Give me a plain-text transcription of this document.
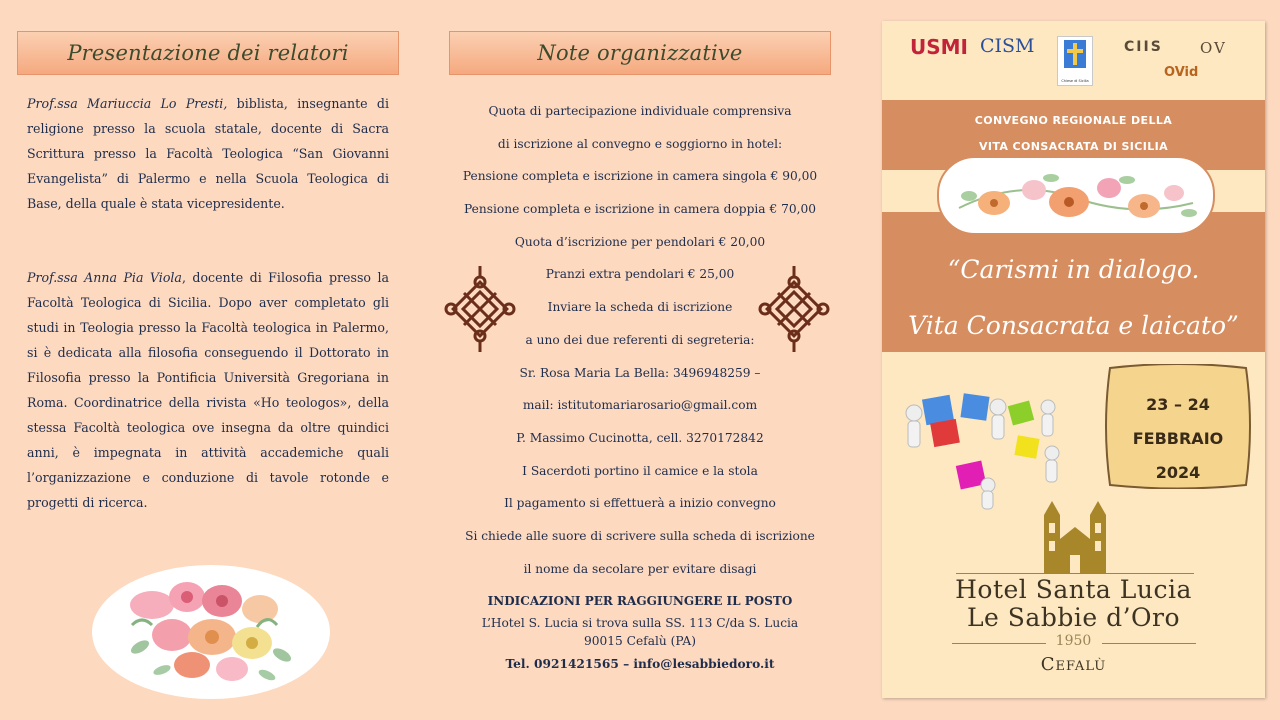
Presentazione dei relatori

Prof.ssa Mariuccia Lo Presti, biblista, insegnante di religione presso la scuola statale, docente di Sacra Scrittura presso la Facoltà Teologica “San Giovanni Evangelista” di Palermo e nella Scuola Teologica di Base, della quale è stata vicepresidente.

Prof.ssa Anna Pia Viola, docente di Filosofia presso la Facoltà Teologica di Sicilia. Dopo aver completato gli studi in Teologia presso la Facoltà teologica in Palermo, si è dedicata alla filosofia conseguendo il Dottorato in Filosofia presso la Pontificia Università Gregoriana in Roma. Coordinatrice della rivista «Ho teologos», della stessa Facoltà teologica ove insegna da oltre quindici anni, è impegnata in attività accademiche quali l’organizzazione e conduzione di tavole rotonde e progetti di ricerca.

Note organizzative
Quota di partecipazione individuale comprensiva
di iscrizione al convegno e soggiorno in hotel:
Pensione completa e iscrizione in camera singola € 90,00
Pensione completa e iscrizione in camera doppia € 70,00
Quota d’iscrizione per pendolari € 20,00
Pranzi extra pendolari € 25,00
Inviare la scheda di iscrizione
a uno dei due referenti di segreteria:
Sr. Rosa Maria La Bella: 3496948259 –
mail: istitutomariarosario@gmail.com
P. Massimo Cucinotta, cell. 3270172842
I Sacerdoti portino il camice e la stola
Il pagamento si effettuerà a inizio convegno
Si chiede alle suore di scrivere sulla scheda di iscrizione
il nome da secolare per evitare disagi
INDICAZIONI PER RAGGIUNGERE IL POSTO
L’Hotel S. Lucia si trova sulla SS. 113 C/da S. Lucia
90015 Cefalù (PA)
Tel. 0921421565 – info@lesabbiedoro.it
USMI CISM
Chiese di Sicilia
CIIS OV
OVid
CONVEGNO REGIONALE DELLA
VITA CONSACRATA DI SICILIA
“Carismi in dialogo.
Vita Consacrata e laicato”
23 – 24
FEBBRAIO
2024
Hotel Santa Lucia
Le Sabbie d’Oro
1950
Cefalù
